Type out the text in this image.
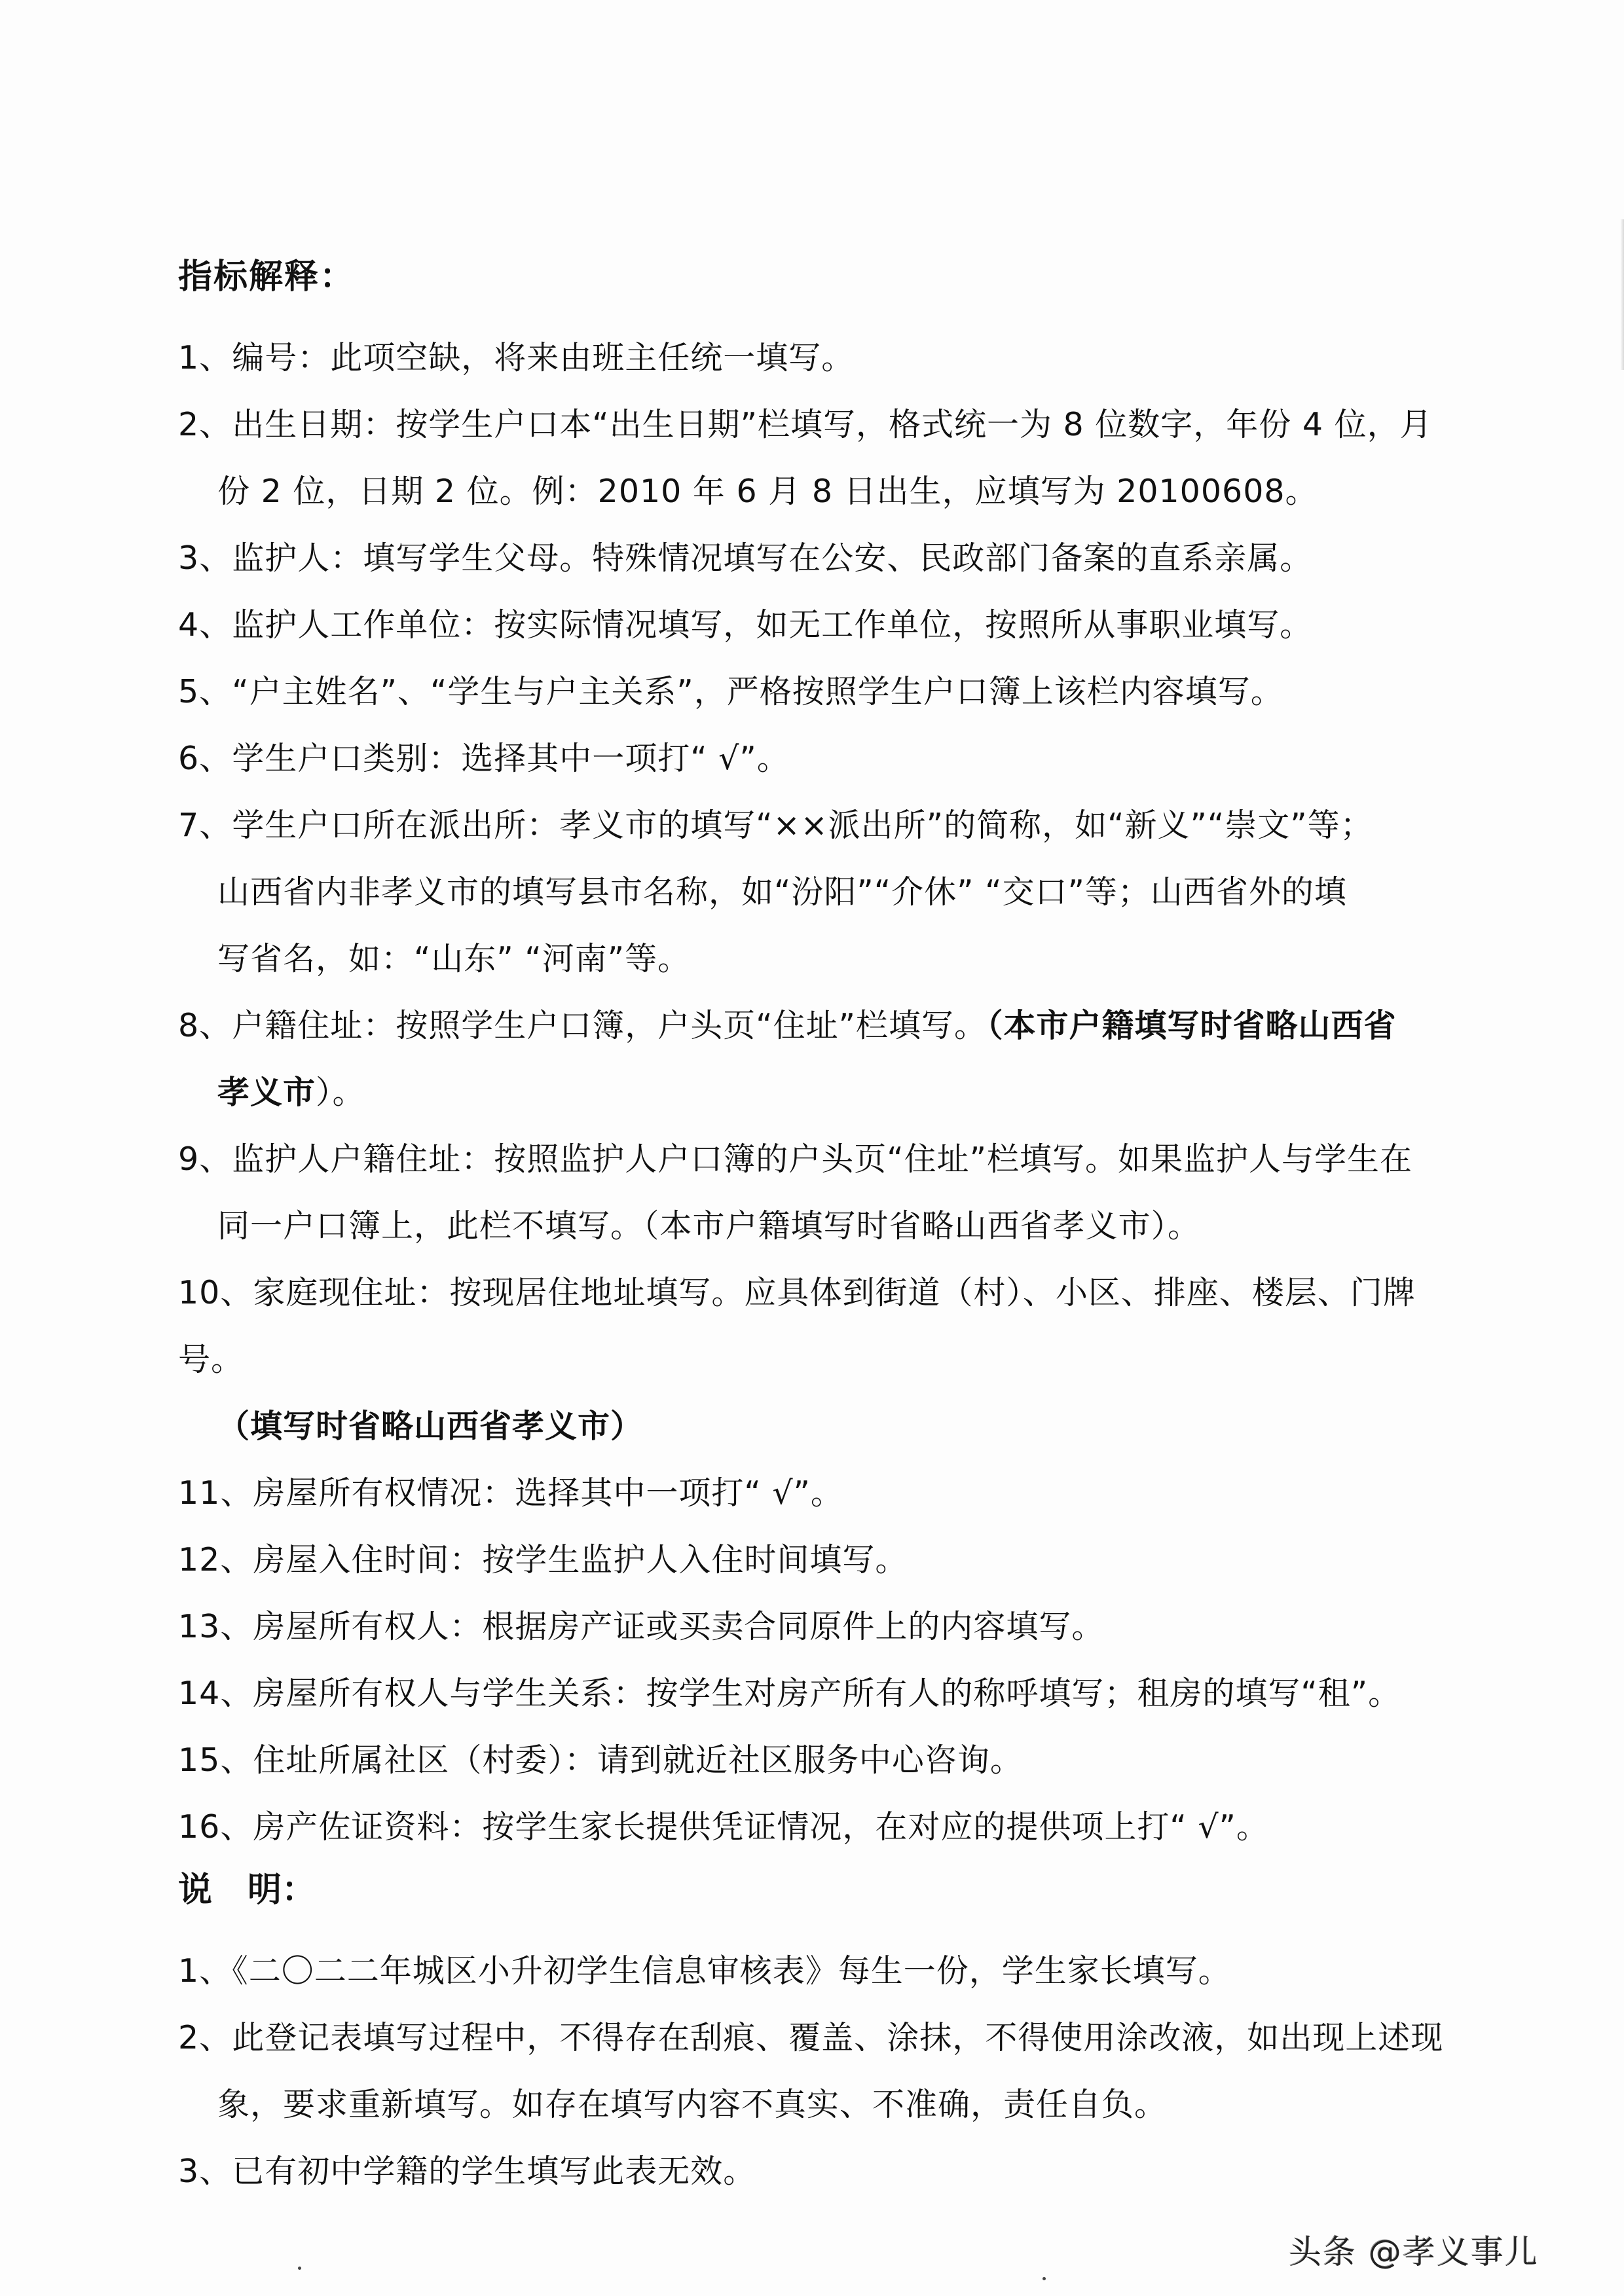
指标解释：
1、编号：此项空缺，将来由班主任统一填写。
2、出生日期：按学生户口本“出生日期”栏填写，格式统一为 8 位数字，年份 4 位，月
份 2 位，日期 2 位。例：2010 年 6 月 8 日出生，应填写为 20100608。
3、监护人：填写学生父母。特殊情况填写在公安、民政部门备案的直系亲属。
4、监护人工作单位：按实际情况填写，如无工作单位，按照所从事职业填写。
5、“户主姓名”、“学生与户主关系”，严格按照学生户口簿上该栏内容填写。
6、学生户口类别：选择其中一项打“ √”。
7、学生户口所在派出所：孝义市的填写“××派出所”的简称，如“新义”“崇文”等；
山西省内非孝义市的填写县市名称，如“汾阳”“介休” “交口”等；山西省外的填
写省名，如：“山东” “河南”等。
8、户籍住址：按照学生户口簿，户头页“住址”栏填写。（本市户籍填写时省略山西省
孝义市）。
9、监护人户籍住址：按照监护人户口簿的户头页“住址”栏填写。如果监护人与学生在
同一户口簿上，此栏不填写。（本市户籍填写时省略山西省孝义市）。
10、家庭现住址：按现居住地址填写。应具体到街道（村）、小区、排座、楼层、门牌号。
（填写时省略山西省孝义市）
11、房屋所有权情况：选择其中一项打“ √”。
12、房屋入住时间：按学生监护人入住时间填写。
13、房屋所有权人：根据房产证或买卖合同原件上的内容填写。
14、房屋所有权人与学生关系：按学生对房产所有人的称呼填写；租房的填写“租”。
15、住址所属社区（村委）：请到就近社区服务中心咨询。
16、房产佐证资料：按学生家长提供凭证情况，在对应的提供项上打“ √”。
说 明：
1、《二〇二二年城区小升初学生信息审核表》每生一份，学生家长填写。
2、此登记表填写过程中，不得存在刮痕、覆盖、涂抹，不得使用涂改液，如出现上述现
象，要求重新填写。如存在填写内容不真实、不准确，责任自负。
3、已有初中学籍的学生填写此表无效。
头条 @孝义事儿
